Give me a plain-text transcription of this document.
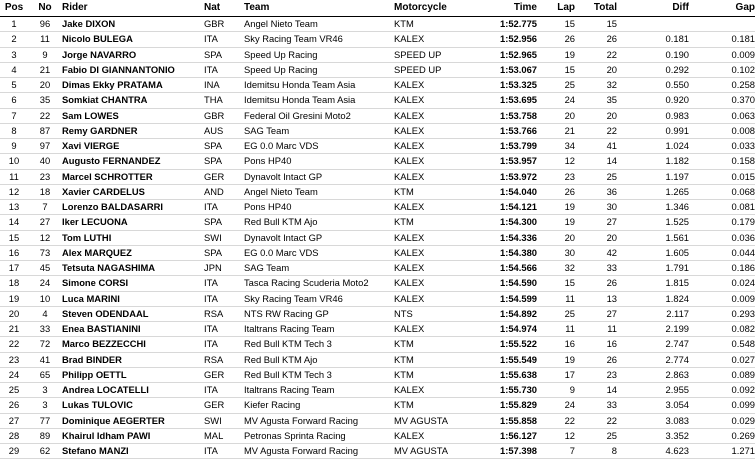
Pos	No	Rider	Nat	Team	Motorcycle	Time	Lap	Total	Diff	Gap
1	96	Jake DIXON	GBR	Angel Nieto Team	KTM	1:52.775	15	15		
2	11	Nicolo BULEGA	ITA	Sky Racing Team VR46	KALEX	1:52.956	26	26	0.181	0.181
3	9	Jorge NAVARRO	SPA	Speed Up Racing	SPEED UP	1:52.965	19	22	0.190	0.009
4	21	Fabio DI GIANNANTONIO	ITA	Speed Up Racing	SPEED UP	1:53.067	15	20	0.292	0.102
5	20	Dimas Ekky PRATAMA	INA	Idemitsu Honda Team Asia	KALEX	1:53.325	25	32	0.550	0.258
6	35	Somkiat CHANTRA	THA	Idemitsu Honda Team Asia	KALEX	1:53.695	24	35	0.920	0.370
7	22	Sam LOWES	GBR	Federal Oil Gresini Moto2	KALEX	1:53.758	20	20	0.983	0.063
8	87	Remy GARDNER	AUS	SAG Team	KALEX	1:53.766	21	22	0.991	0.008
9	97	Xavi VIERGE	SPA	EG 0.0 Marc VDS	KALEX	1:53.799	34	41	1.024	0.033
10	40	Augusto FERNANDEZ	SPA	Pons HP40	KALEX	1:53.957	12	14	1.182	0.158
11	23	Marcel SCHROTTER	GER	Dynavolt Intact GP	KALEX	1:53.972	23	25	1.197	0.015
12	18	Xavier CARDELUS	AND	Angel Nieto Team	KTM	1:54.040	26	36	1.265	0.068
13	7	Lorenzo BALDASARRI	ITA	Pons HP40	KALEX	1:54.121	19	30	1.346	0.081
14	27	Iker LECUONA	SPA	Red Bull KTM Ajo	KTM	1:54.300	19	27	1.525	0.179
15	12	Tom LUTHI	SWI	Dynavolt Intact GP	KALEX	1:54.336	20	20	1.561	0.036
16	73	Alex MARQUEZ	SPA	EG 0.0 Marc VDS	KALEX	1:54.380	30	42	1.605	0.044
17	45	Tetsuta NAGASHIMA	JPN	SAG Team	KALEX	1:54.566	32	33	1.791	0.186
18	24	Simone CORSI	ITA	Tasca Racing Scuderia Moto2	KALEX	1:54.590	15	26	1.815	0.024
19	10	Luca MARINI	ITA	Sky Racing Team VR46	KALEX	1:54.599	11	13	1.824	0.009
20	4	Steven ODENDAAL	RSA	NTS RW Racing GP	NTS	1:54.892	25	27	2.117	0.293
21	33	Enea BASTIANINI	ITA	Italtrans Racing Team	KALEX	1:54.974	11	11	2.199	0.082
22	72	Marco BEZZECCHI	ITA	Red Bull KTM Tech 3	KTM	1:55.522	16	16	2.747	0.548
23	41	Brad BINDER	RSA	Red Bull KTM Ajo	KTM	1:55.549	19	26	2.774	0.027
24	65	Philipp OETTL	GER	Red Bull KTM Tech 3	KTM	1:55.638	17	23	2.863	0.089
25	3	Andrea LOCATELLI	ITA	Italtrans Racing Team	KALEX	1:55.730	9	14	2.955	0.092
26	3	Lukas TULOVIC	GER	Kiefer Racing	KTM	1:55.829	24	33	3.054	0.099
27	77	Dominique AEGERTER	SWI	MV Agusta Forward Racing	MV AGUSTA	1:55.858	22	22	3.083	0.029
28	89	Khairul Idham PAWI	MAL	Petronas Sprinta Racing	KALEX	1:56.127	12	25	3.352	0.269
29	62	Stefano MANZI	ITA	MV Agusta Forward Racing	MV AGUSTA	1:57.398	7	8	4.623	1.271
